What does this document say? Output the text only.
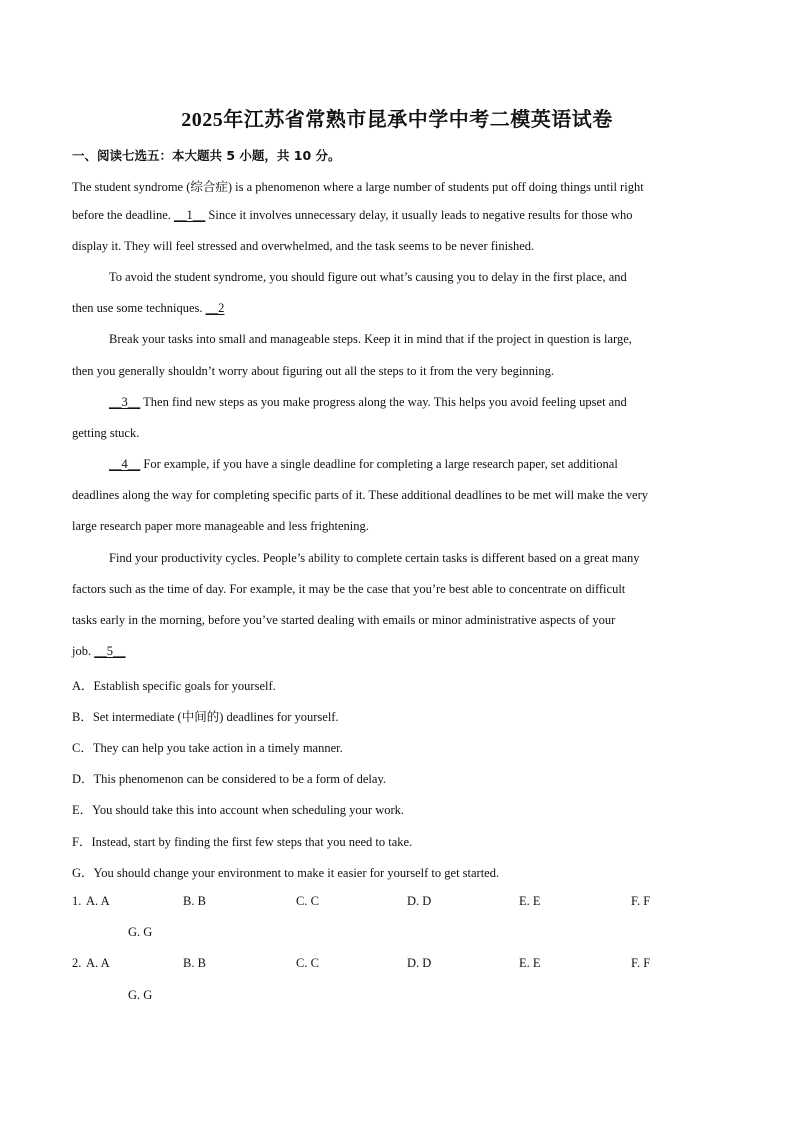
2025年江苏省常熟市昆承中学中考二模英语试卷
一、阅读七选五：本大题共 5 小题，共 10 分。
The student syndrome (综合症) is a phenomenon where a large number of students put off doing things until right
before the deadline. __1__ Since it involves unnecessary delay, it usually leads to negative results for those who
display it. They will feel stressed and overwhelmed, and the task seems to be never finished.
To avoid the student syndrome, you should figure out what’s causing you to delay in the first place, and
then use some techniques. __2
Break your tasks into small and manageable steps. Keep it in mind that if the project in question is large,
then you generally shouldn’t worry about figuring out all the steps to it from the very beginning.
__3__ Then find new steps as you make progress along the way. This helps you avoid feeling upset and
getting stuck.
__4__ For example, if you have a single deadline for completing a large research paper, set additional
deadlines along the way for completing specific parts of it. These additional deadlines to be met will make the very
large research paper more manageable and less frightening.
Find your productivity cycles. People’s ability to complete certain tasks is different based on a great many
factors such as the time of day. For example, it may be the case that you’re best able to concentrate on difficult
tasks early in the morning, before you’ve started dealing with emails or minor administrative aspects of your
job. __5__
A．Establish specific goals for yourself.
B．Set intermediate (中间的) deadlines for yourself.
C．They can help you take action in a timely manner.
D．This phenomenon can be considered to be a form of delay.
E．You should take this into account when scheduling your work.
F．Instead, start by finding the first few steps that you need to take.
G．You should change your environment to make it easier for yourself to get started.
1. A. A	B. B	C. C	D. D	E. E	F. F
G. G
2. A. A	B. B	C. C	D. D	E. E	F. F
G. G
